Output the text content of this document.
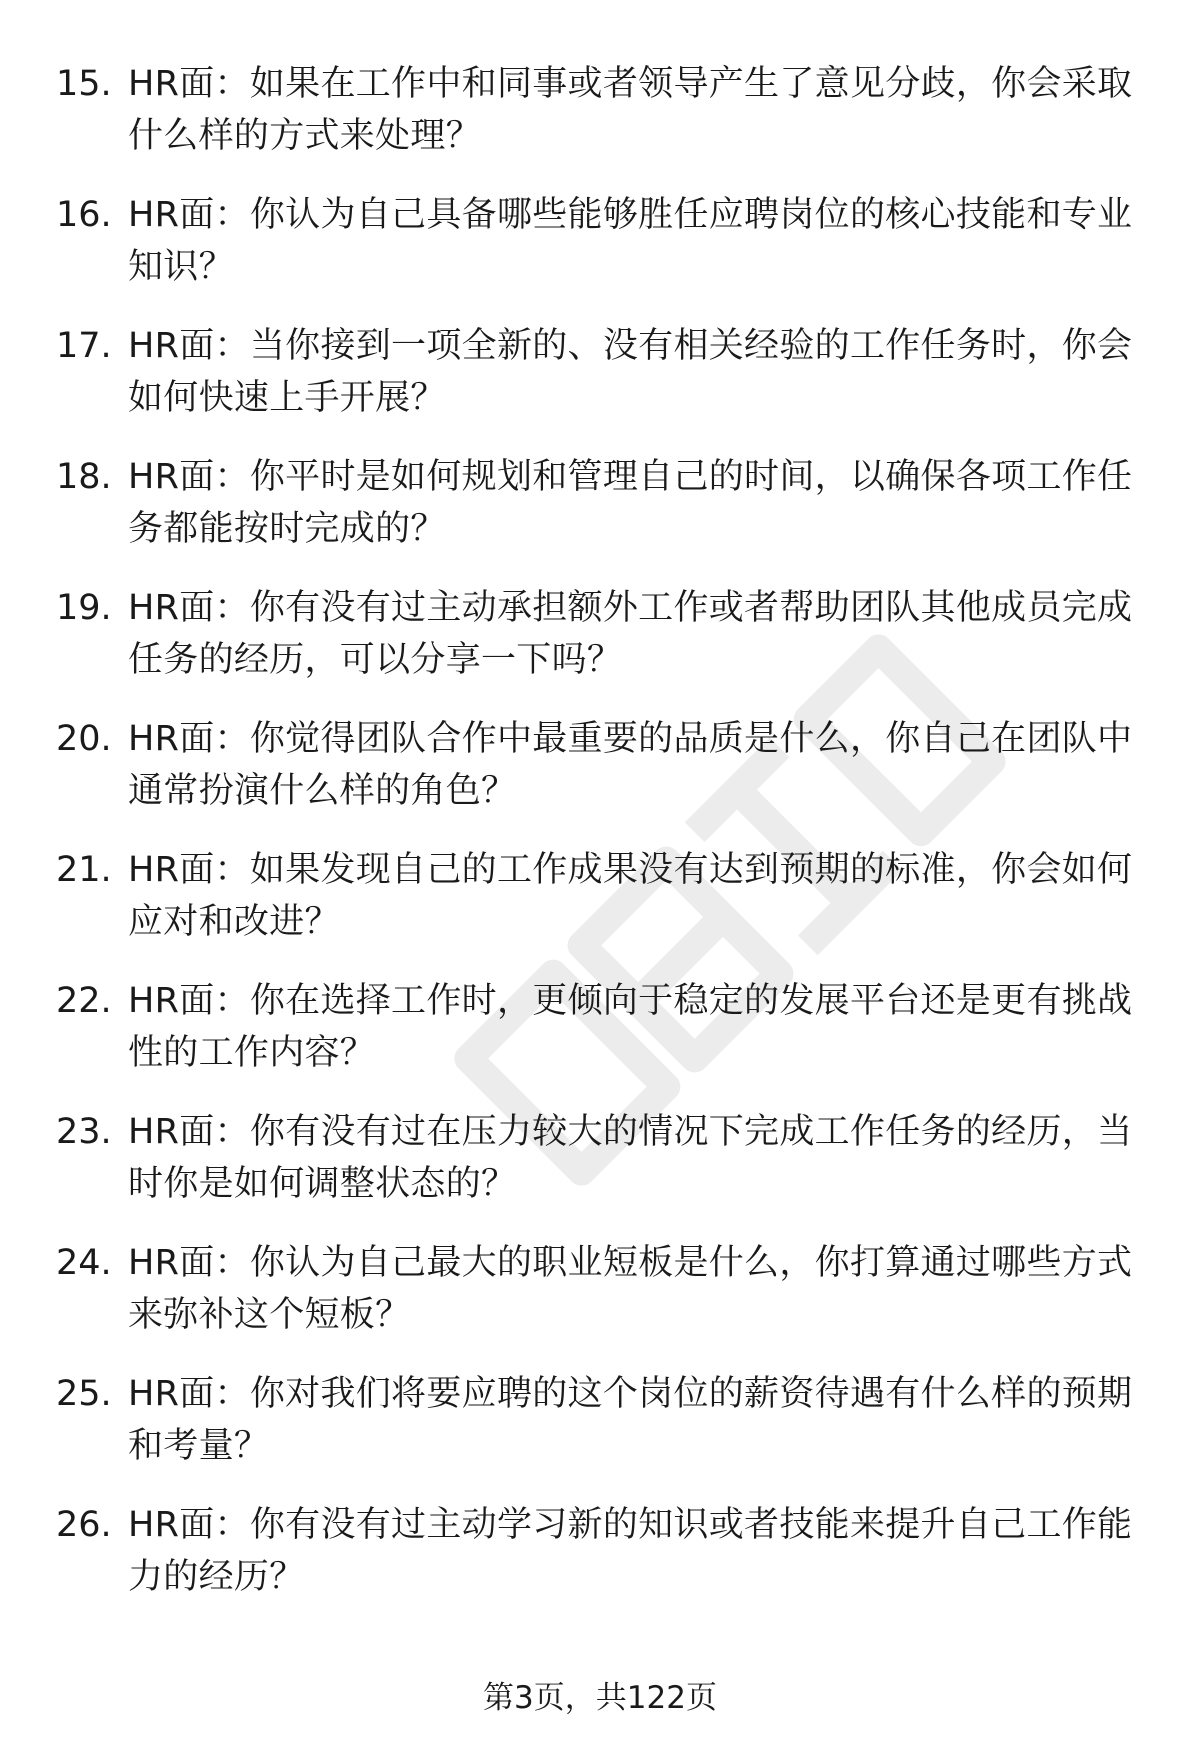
15. HR面：如果在工作中和同事或者领导产生了意见分歧，你会采取什么样的方式来处理？
16. HR面：你认为自己具备哪些能够胜任应聘岗位的核心技能和专业知识？
17. HR面：当你接到一项全新的、没有相关经验的工作任务时，你会如何快速上手开展？
18. HR面：你平时是如何规划和管理自己的时间，以确保各项工作任务都能按时完成的？
19. HR面：你有没有过主动承担额外工作或者帮助团队其他成员完成任务的经历，可以分享一下吗？
20. HR面：你觉得团队合作中最重要的品质是什么，你自己在团队中通常扮演什么样的角色？
21. HR面：如果发现自己的工作成果没有达到预期的标准，你会如何应对和改进？
22. HR面：你在选择工作时，更倾向于稳定的发展平台还是更有挑战性的工作内容？
23. HR面：你有没有过在压力较大的情况下完成工作任务的经历，当时你是如何调整状态的？
24. HR面：你认为自己最大的职业短板是什么，你打算通过哪些方式来弥补这个短板？
25. HR面：你对我们将要应聘的这个岗位的薪资待遇有什么样的预期和考量？
26. HR面：你有没有过主动学习新的知识或者技能来提升自己工作能力的经历？
第3页，共122页
